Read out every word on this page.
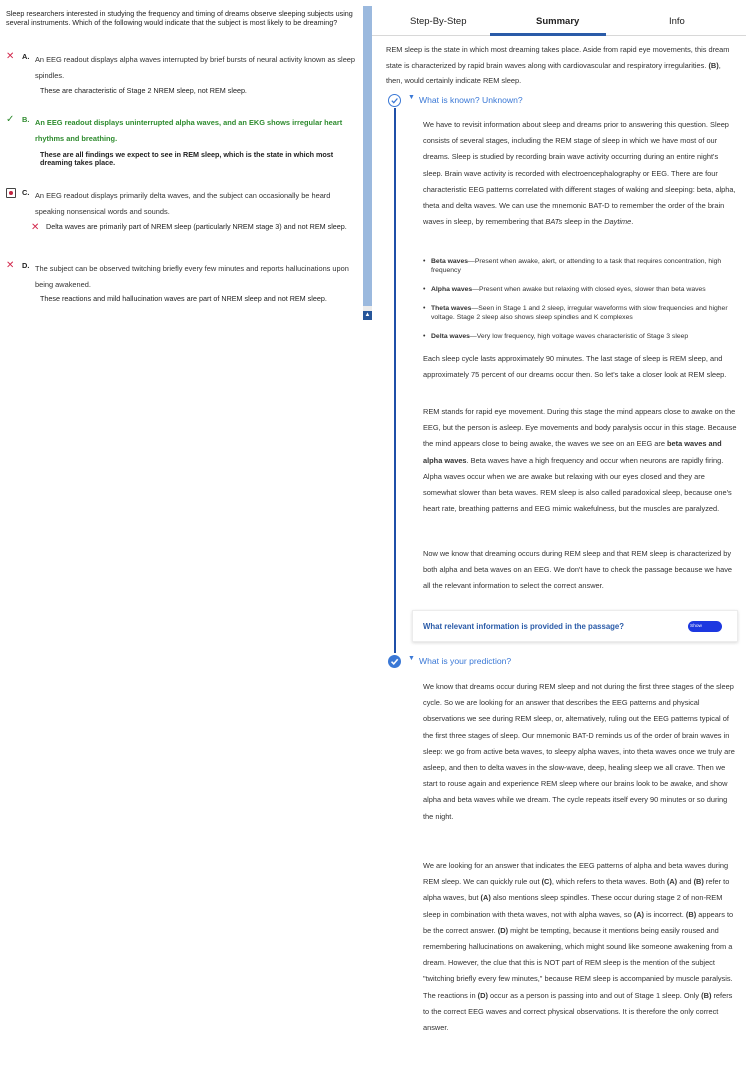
Sleep researchers interested in studying the frequency and timing of dreams observe sleeping subjects using several instruments. Which of the following would indicate that the subject is most likely to be dreaming?

✕ A. An EEG readout displays alpha waves interrupted by brief bursts of neural activity known as sleep spindles.

These are characteristic of Stage 2 NREM sleep, not REM sleep.

✓ B. An EEG readout displays uninterrupted alpha waves, and an EKG shows irregular heart rhythms and breathing.

These are all findings we expect to see in REM sleep, which is the state in which most dreaming takes place.

C. An EEG readout displays primarily delta waves, and the subject can occasionally be heard speaking nonsensical words and sounds.

✕ Delta waves are primarily part of NREM sleep (particularly NREM stage 3) and not REM sleep.

✕ D. The subject can be observed twitching briefly every few minutes and reports hallucinations upon being awakened.

These reactions and mild hallucination waves are part of NREM sleep and not REM sleep.

▲
Step-By-Step	Summary	Info

REM sleep is the state in which most dreaming takes place. Aside from rapid eye movements, this dream state is characterized by rapid brain waves along with cardiovascular and respiratory irregularities. (B), then, would certainly indicate REM sleep.

▼ What is known? Unknown?

We have to revisit information about sleep and dreams prior to answering this question. Sleep consists of several stages, including the REM stage of sleep in which we have most of our dreams. Sleep is studied by recording brain wave activity occurring during an entire night's sleep. Brain wave activity is recorded with electroencephalography or EEG. There are four characteristic EEG patterns correlated with different stages of waking and sleeping: beta, alpha, theta and delta waves. We can use the mnemonic BAT-D to remember the order of the brain waves in sleep, by remembering that BATs sleep in the Daytime.

• Beta waves—Present when awake, alert, or attending to a task that requires concentration, high frequency

• Alpha waves—Present when awake but relaxing with closed eyes, slower than beta waves

• Theta waves—Seen in Stage 1 and 2 sleep, irregular waveforms with slow frequencies and higher voltage. Stage 2 sleep also shows sleep spindles and K complexes

• Delta waves—Very low frequency, high voltage waves characteristic of Stage 3 sleep

Each sleep cycle lasts approximately 90 minutes. The last stage of sleep is REM sleep, and approximately 75 percent of our dreams occur then. So let's take a closer look at REM sleep.

REM stands for rapid eye movement. During this stage the mind appears close to awake on the EEG, but the person is asleep. Eye movements and body paralysis occur in this stage. Because the mind appears close to being awake, the waves we see on an EEG are beta waves and alpha waves. Beta waves have a high frequency and occur when neurons are rapidly firing. Alpha waves occur when we are awake but relaxing with our eyes closed and they are somewhat slower than beta waves. REM sleep is also called paradoxical sleep, because one's heart rate, breathing patterns and EEG mimic wakefulness, but the muscles are paralyzed.

Now we know that dreaming occurs during REM sleep and that REM sleep is characterized by both alpha and beta waves on an EEG. We don't have to check the passage because we have all the relevant information to select the correct answer.

What relevant information is provided in the passage?	Show
▼ What is your prediction?

We know that dreams occur during REM sleep and not during the first three stages of the sleep cycle. So we are looking for an answer that describes the EEG patterns and physical observations we see during REM sleep, or, alternatively, ruling out the EEG patterns typical of the first three stages of sleep. Our mnemonic BAT-D reminds us of the order of brain waves in sleep: we go from active beta waves, to sleepy alpha waves, into theta waves once we truly are asleep, and then to delta waves in the slow-wave, deep, healing sleep we all crave. Then we start to rouse again and experience REM sleep where our brains look to be awake, and show alpha and beta waves while we dream. The cycle repeats itself every 90 minutes or so during the night.

We are looking for an answer that indicates the EEG patterns of alpha and beta waves during REM sleep. We can quickly rule out (C), which refers to theta waves. Both (A) and (B) refer to alpha waves, but (A) also mentions sleep spindles. These occur during stage 2 of non-REM sleep in combination with theta waves, not with alpha waves, so (A) is incorrect. (B) appears to be the correct answer. (D) might be tempting, because it mentions being easily roused and remembering hallucinations on awakening, which might sound like someone awakening from a dream. However, the clue that this is NOT part of REM sleep is the mention of the subject "twitching briefly every few minutes," because REM sleep is accompanied by muscle paralysis. The reactions in (D) occur as a person is passing into and out of Stage 1 sleep. Only (B) refers to the correct EEG waves and correct physical observations. It is therefore the only correct answer.
